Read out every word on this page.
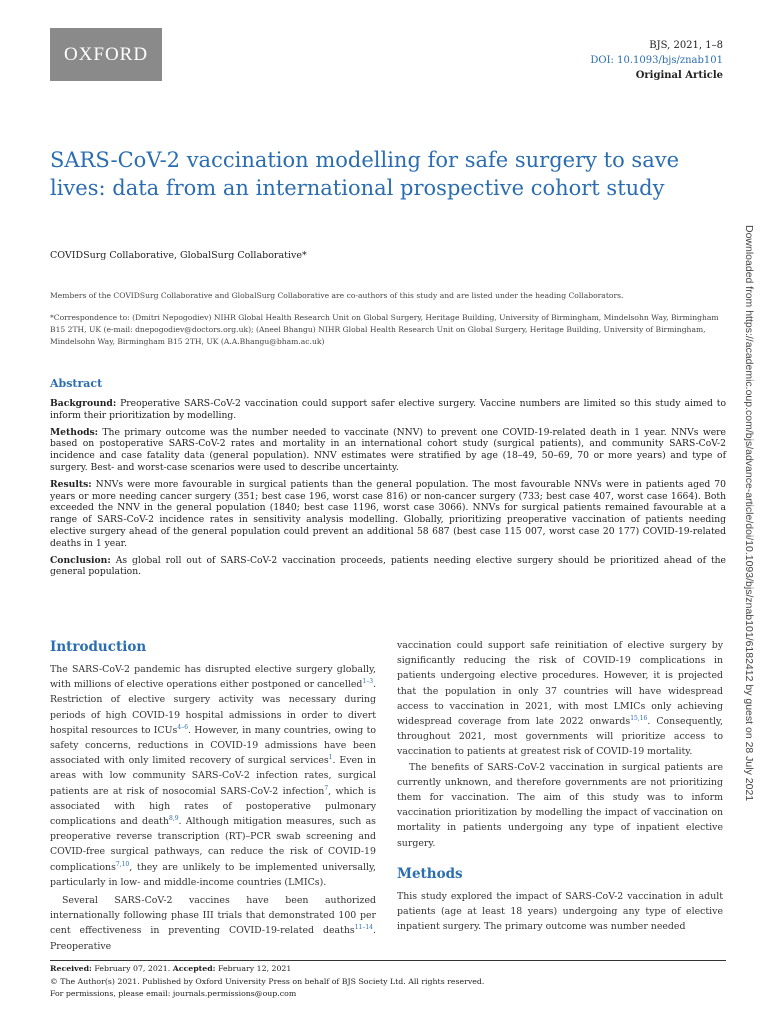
OXFORD	BJS, 2021, 1–8
DOI: 10.1093/bjs/znab101
Original Article
Downloaded from https://academic.oup.com/bjs/advance-article/doi/10.1093/bjs/znab101/6182412 by guest on 28 July 2021
SARS-CoV-2 vaccination modelling for safe surgery to save lives: data from an international prospective cohort study
COVIDSurg Collaborative, GlobalSurg Collaborative*
Members of the COVIDSurg Collaborative and GlobalSurg Collaborative are co-authors of this study and are listed under the heading Collaborators.
*Correspondence to: (Dmitri Nepogodiev) NIHR Global Health Research Unit on Global Surgery, Heritage Building, University of Birmingham, Mindelsohn Way, Birmingham B15 2TH, UK (e-mail: dnepogodiev@doctors.org.uk); (Aneel Bhangu) NIHR Global Health Research Unit on Global Surgery, Heritage Building, University of Birmingham, Mindelsohn Way, Birmingham B15 2TH, UK (A.A.Bhangu@bham.ac.uk)
Abstract

Background: Preoperative SARS-CoV-2 vaccination could support safer elective surgery. Vaccine numbers are limited so this study aimed to inform their prioritization by modelling.

Methods: The primary outcome was the number needed to vaccinate (NNV) to prevent one COVID-19-related death in 1 year. NNVs were based on postoperative SARS-CoV-2 rates and mortality in an international cohort study (surgical patients), and community SARS-CoV-2 incidence and case fatality data (general population). NNV estimates were stratified by age (18–49, 50–69, 70 or more years) and type of surgery. Best- and worst-case scenarios were used to describe uncertainty.

Results: NNVs were more favourable in surgical patients than the general population. The most favourable NNVs were in patients aged 70 years or more needing cancer surgery (351; best case 196, worst case 816) or non-cancer surgery (733; best case 407, worst case 1664). Both exceeded the NNV in the general population (1840; best case 1196, worst case 3066). NNVs for surgical patients remained favourable at a range of SARS-CoV-2 incidence rates in sensitivity analysis modelling. Globally, prioritizing preoperative vaccination of patients needing elective surgery ahead of the general population could prevent an additional 58 687 (best case 115 007, worst case 20 177) COVID-19-related deaths in 1 year.

Conclusion: As global roll out of SARS-CoV-2 vaccination proceeds, patients needing elective surgery should be prioritized ahead of the general population.

Introduction

The SARS-CoV-2 pandemic has disrupted elective surgery globally, with millions of elective operations either postponed or cancelled$^{1-3}$. Restriction of elective surgery activity was necessary during periods of high COVID-19 hospital admissions in order to divert hospital resources to ICUs$^{4-6}$. However, in many countries, owing to safety concerns, reductions in COVID-19 admissions have been associated with only limited recovery of surgical services$^1$. Even in areas with low community SARS-CoV-2 infection rates, surgical patients are at risk of nosocomial SARS-CoV-2 infection$^7$, which is associated with high rates of postoperative pulmonary complications and death$^{8,9}$. Although mitigation measures, such as preoperative reverse transcription (RT)–PCR swab screening and COVID-free surgical pathways, can reduce the risk of COVID-19 complications$^{7,10}$, they are unlikely to be implemented universally, particularly in low- and middle-income countries (LMICs).

Several SARS-CoV-2 vaccines have been authorized internationally following phase III trials that demonstrated 100 per cent effectiveness in preventing COVID-19-related deaths$^{11-14}$. Preoperative

vaccination could support safe reinitiation of elective surgery by significantly reducing the risk of COVID-19 complications in patients undergoing elective procedures. However, it is projected that the population in only 37 countries will have widespread access to vaccination in 2021, with most LMICs only achieving widespread coverage from late 2022 onwards$^{15,16}$. Consequently, throughout 2021, most governments will prioritize access to vaccination to patients at greatest risk of COVID-19 mortality.

The benefits of SARS-CoV-2 vaccination in surgical patients are currently unknown, and therefore governments are not prioritizing them for vaccination. The aim of this study was to inform vaccination prioritization by modelling the impact of vaccination on mortality in patients undergoing any type of inpatient elective surgery.

Methods

This study explored the impact of SARS-CoV-2 vaccination in adult patients (age at least 18 years) undergoing any type of elective inpatient surgery. The primary outcome was number needed

Received: February 07, 2021. Accepted: February 12, 2021
© The Author(s) 2021. Published by Oxford University Press on behalf of BJS Society Ltd. All rights reserved.
For permissions, please email: journals.permissions@oup.com
